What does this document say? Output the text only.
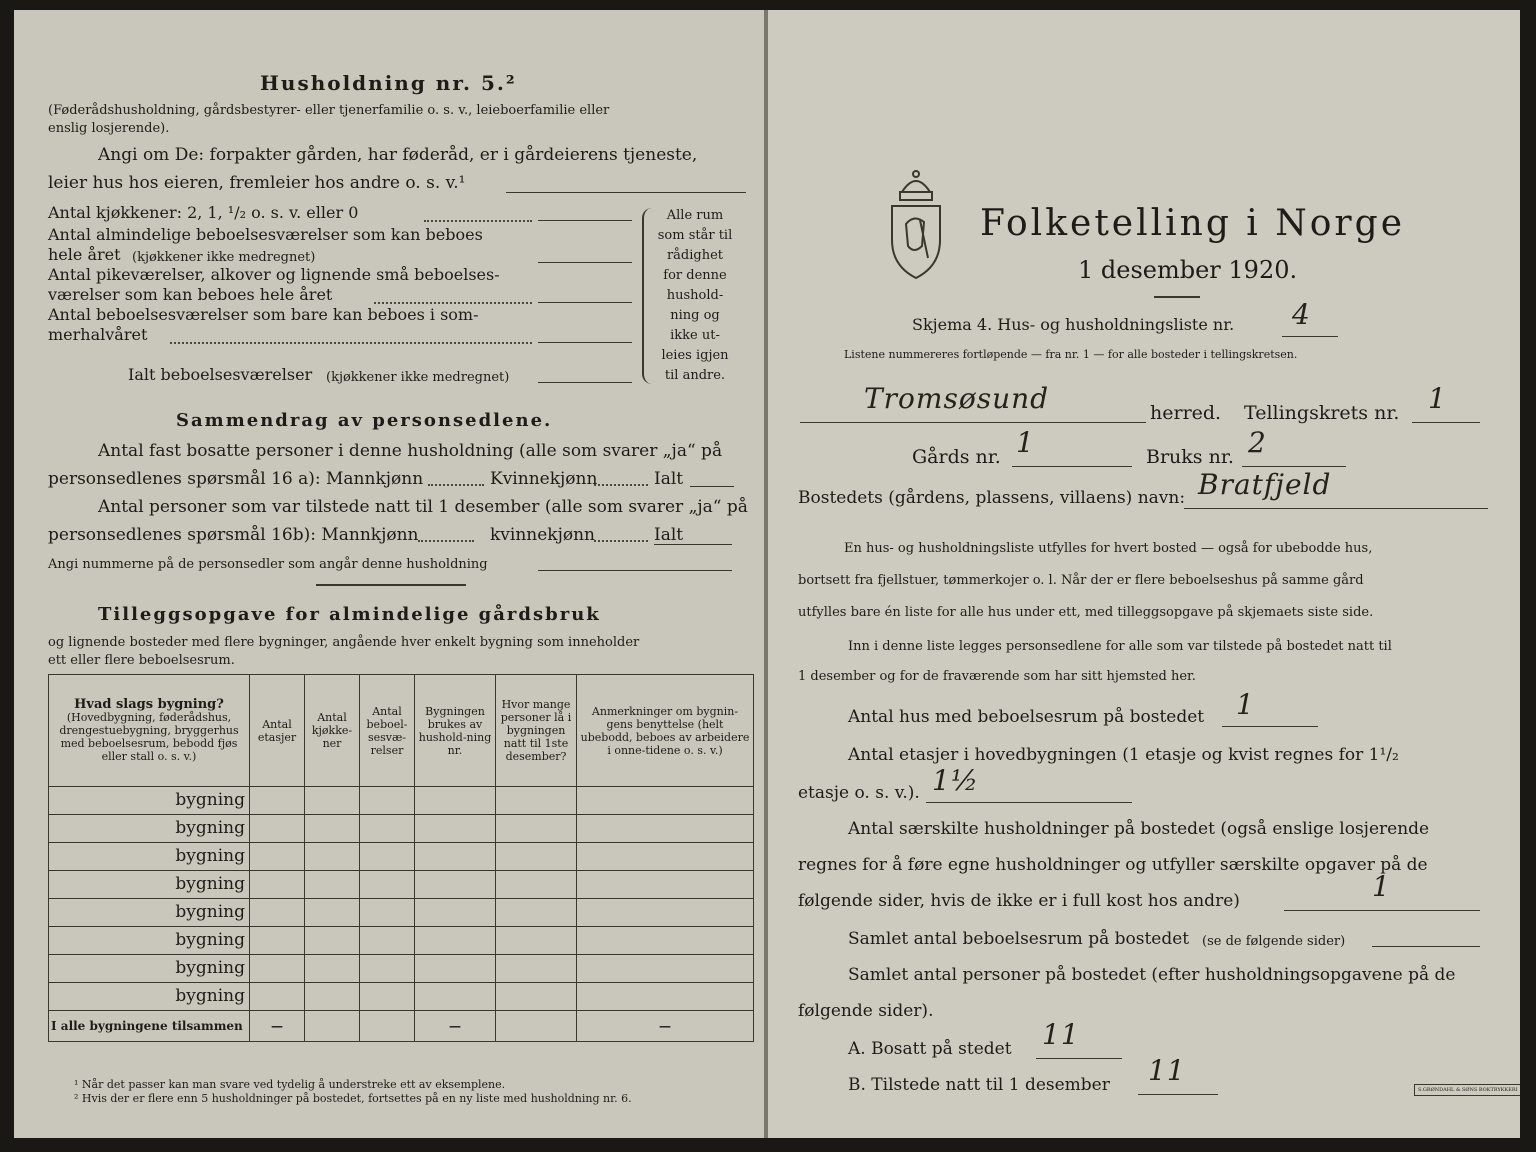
Husholdning nr. 5.²
(Føderådshusholdning, gårdsbestyrer- eller tjenerfamilie o. s. v., leieboerfamilie eller
enslig losjerende).
Angi om De: forpakter gården, har føderåd, er i gårdeierens tjeneste,
leier hus hos eieren, fremleier hos andre o. s. v.¹
Antal kjøkkener: 2, 1, ¹/₂ o. s. v. eller 0
Antal almindelige beboelsesværelser som kan beboes
hele året (kjøkkener ikke medregnet)
Antal pikeværelser, alkover og lignende små beboelses-
værelser som kan beboes hele året
Antal beboelsesværelser som bare kan beboes i som-
merhalvåret
Ialt beboelsesværelser (kjøkkener ikke medregnet)
Alle rum
som står til
rådighet
for denne
hushold-
ning og
ikke ut-
leies igjen
til andre.
Sammendrag av personsedlene.
Antal fast bosatte personer i denne husholdning (alle som svarer „ja“ på
personsedlenes spørsmål 16 a): Mannkjønn	Kvinnekjønn	Ialt
Antal personer som var tilstede natt til 1 desember (alle som svarer „ja“ på
personsedlenes spørsmål 16b): Mannkjønn	kvinnekjønn	Ialt
Angi nummerne på de personsedler som angår denne husholdning
Tilleggsopgave for almindelige gårdsbruk
og lignende bosteder med flere bygninger, angående hver enkelt bygning som inneholder
ett eller flere beboelsesrum.
Hvad slags bygning?
(Hovedbygning, føderådshus, drengestuebygning, bryggerhus med beboelsesrum, bebodd fjøs eller stall o. s. v.)	Antal etasjer	Antal kjøkke-ner	Antal beboel-sesvæ-relser	Bygningen brukes av hushold-ning nr.	Hvor mange personer lå i bygningen natt til 1ste desember?	Anmerkninger om bygnin-gens benyttelse (helt ubebodd, beboes av arbeidere i onne-tidene o. s. v.)
bygning						
bygning						
bygning						
bygning						
bygning						
bygning						
bygning						
bygning						
I alle bygningene tilsammen	—			—		—
¹ Når det passer kan man svare ved tydelig å understreke ett av eksemplene.
² Hvis der er flere enn 5 husholdninger på bostedet, fortsettes på en ny liste med husholdning nr. 6.
Folketelling i Norge
1 desember 1920.
Skjema 4. Hus- og husholdningsliste nr. 4
Listene nummereres fortløpende — fra nr. 1 — for alle bosteder i tellingskretsen.
Tromsøsund	herred. Tellingskrets nr. 1
Gårds nr. 1	Bruks nr. 2
Bostedets (gårdens, plassens, villaens) navn: Bratfjeld
En hus- og husholdningsliste utfylles for hvert bosted — også for ubebodde hus,
bortsett fra fjellstuer, tømmerkojer o. l. Når der er flere beboelseshus på samme gård
utfylles bare én liste for alle hus under ett, med tilleggsopgave på skjemaets siste side.
Inn i denne liste legges personsedlene for alle som var tilstede på bostedet natt til
1 desember og for de fraværende som har sitt hjemsted her.
Antal hus med beboelsesrum på bostedet 1
Antal etasjer i hovedbygningen (1 etasje og kvist regnes for 1¹/₂
etasje o. s. v.). 1½
Antal særskilte husholdninger på bostedet (også enslige losjerende
regnes for å føre egne husholdninger og utfyller særskilte opgaver på de
følgende sider, hvis de ikke er i full kost hos andre)	1
Samlet antal beboelsesrum på bostedet (se de følgende sider)
Samlet antal personer på bostedet (efter husholdningsopgavene på de
følgende sider).
A. Bosatt på stedet 11
B. Tilstede natt til 1 desember 11
S.GRØNDAHL & SØNS BOKTRYKKERI
